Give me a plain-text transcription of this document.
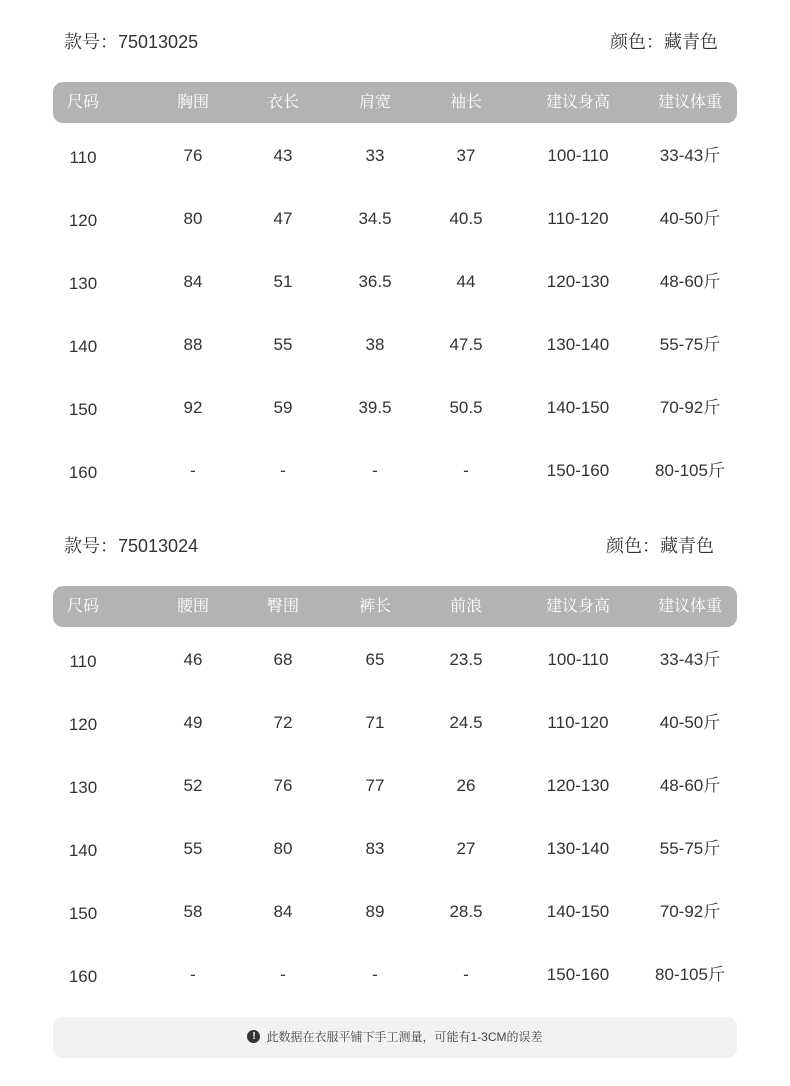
款号：75013025	颜色：藏青色
尺码	胸围	衣长	肩宽	袖长	建议身高	建议体重
110	76	43	33	37	100-110	33-43斤
120	80	47	34.5	40.5	110-120	40-50斤
130	84	51	36.5	44	120-130	48-60斤
140	88	55	38	47.5	130-140	55-75斤
150	92	59	39.5	50.5	140-150	70-92斤
160	-	-	-	-	150-160	80-105斤
款号：75013024	颜色：藏青色
尺码	腰围	臀围	裤长	前浪	建议身高	建议体重
110	46	68	65	23.5	100-110	33-43斤
120	49	72	71	24.5	110-120	40-50斤
130	52	76	77	26	120-130	48-60斤
140	55	80	83	27	130-140	55-75斤
150	58	84	89	28.5	140-150	70-92斤
160	-	-	-	-	150-160	80-105斤
! 此数据在衣服平铺下手工测量，可能有1-3CM的误差
